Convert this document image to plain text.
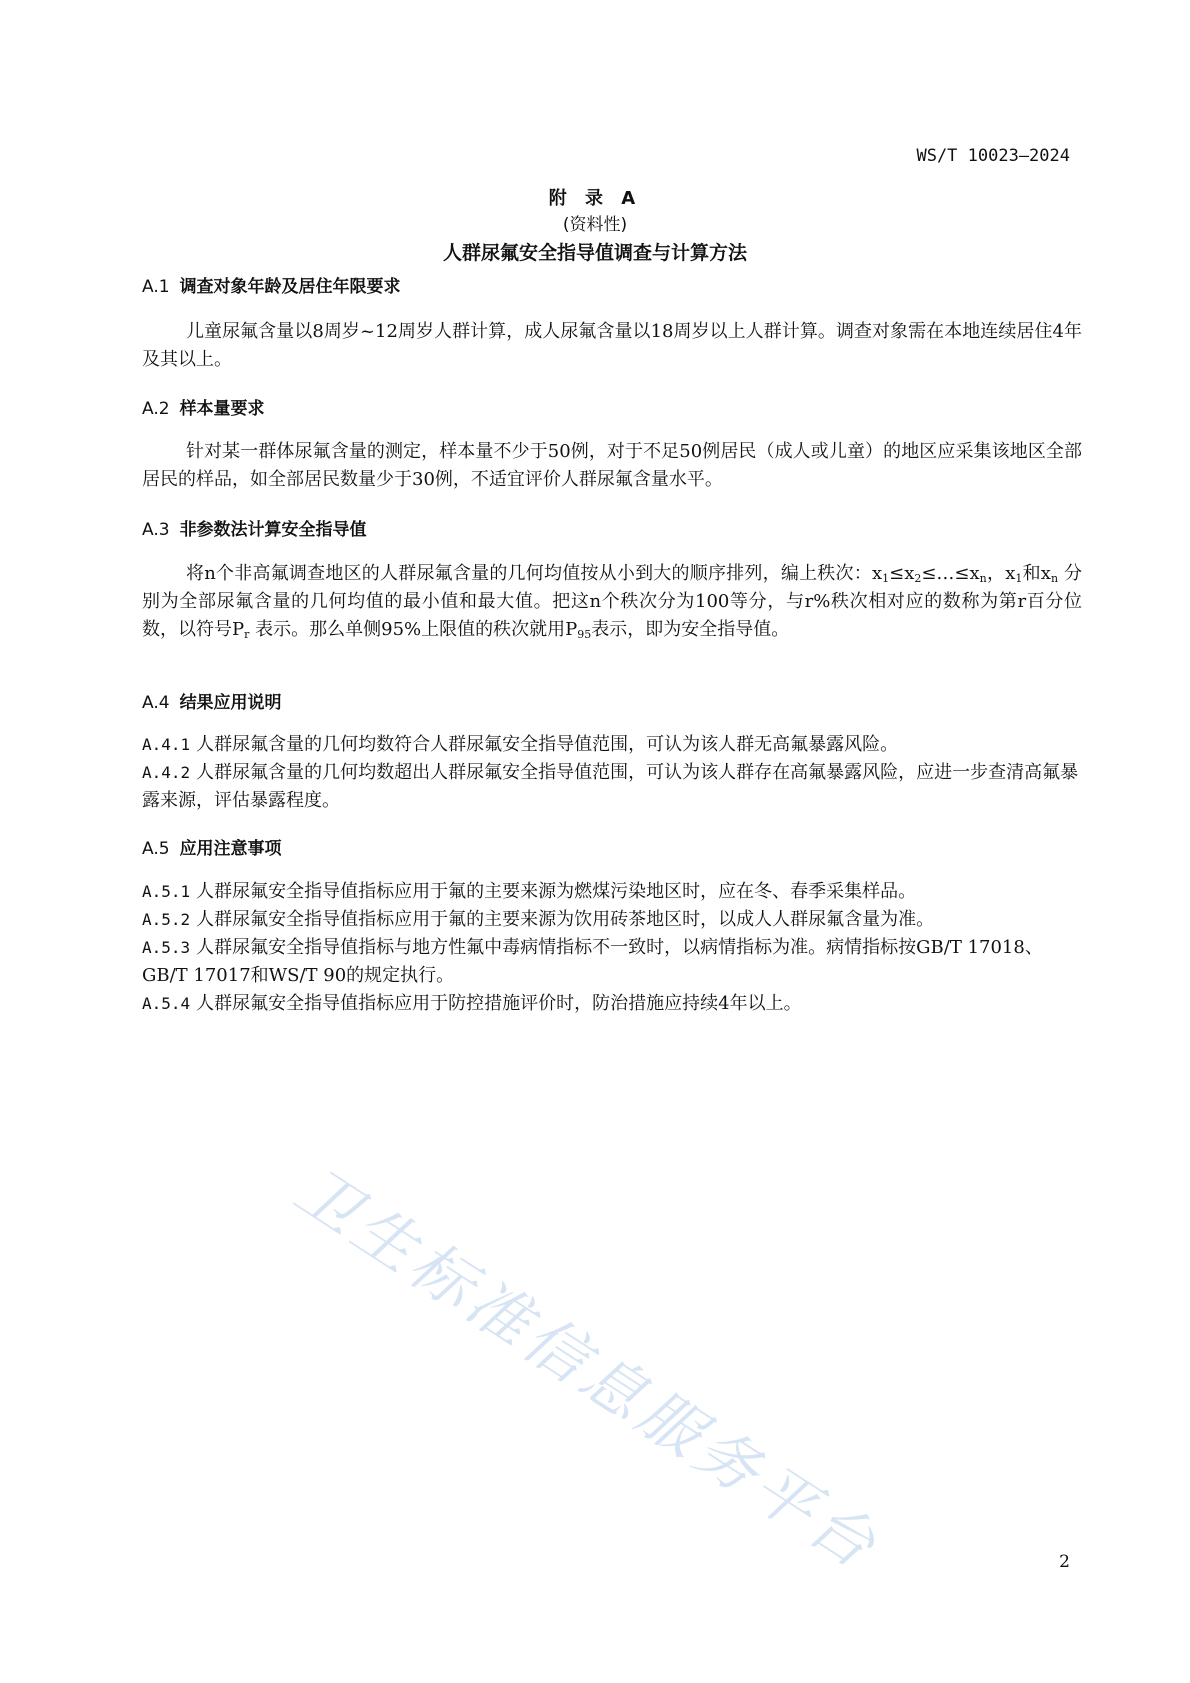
WS/T 10023—2024
附 录 A
(资料性)
人群尿氟安全指导值调查与计算方法
A.1 调查对象年龄及居住年限要求
儿童尿氟含量以8周岁~12周岁人群计算，成人尿氟含量以18周岁以上人群计算。调查对象需在本地连续居住4年及其以上。
A.2 样本量要求
针对某一群体尿氟含量的测定，样本量不少于50例，对于不足50例居民（成人或儿童）的地区应采集该地区全部居民的样品，如全部居民数量少于30例，不适宜评价人群尿氟含量水平。
A.3 非参数法计算安全指导值
将n个非高氟调查地区的人群尿氟含量的几何均值按从小到大的顺序排列，编上秩次：$x_1\le x_2\le\dots\le x_n$，$x_1$和$x_n$ 分别为全部尿氟含量的几何均值的最小值和最大值。把这n个秩次分为100等分，与r%秩次相对应的数称为第r百分位数，以符号$P_r$ 表示。那么单侧95%上限值的秩次就用$P_{95}$表示，即为安全指导值。
A.4 结果应用说明
A.4.1 人群尿氟含量的几何均数符合人群尿氟安全指导值范围，可认为该人群无高氟暴露风险。
A.4.2 人群尿氟含量的几何均数超出人群尿氟安全指导值范围，可认为该人群存在高氟暴露风险，应进一步查清高氟暴露来源，评估暴露程度。
A.5 应用注意事项
A.5.1 人群尿氟安全指导值指标应用于氟的主要来源为燃煤污染地区时，应在冬、春季采集样品。
A.5.2 人群尿氟安全指导值指标应用于氟的主要来源为饮用砖茶地区时，以成人人群尿氟含量为准。
A.5.3 人群尿氟安全指导值指标与地方性氟中毒病情指标不一致时，以病情指标为准。病情指标按GB/T 17018、GB/T 17017和WS/T 90的规定执行。
A.5.4 人群尿氟安全指导值指标应用于防控措施评价时，防治措施应持续4年以上。
卫生标准信息服务平台	2
